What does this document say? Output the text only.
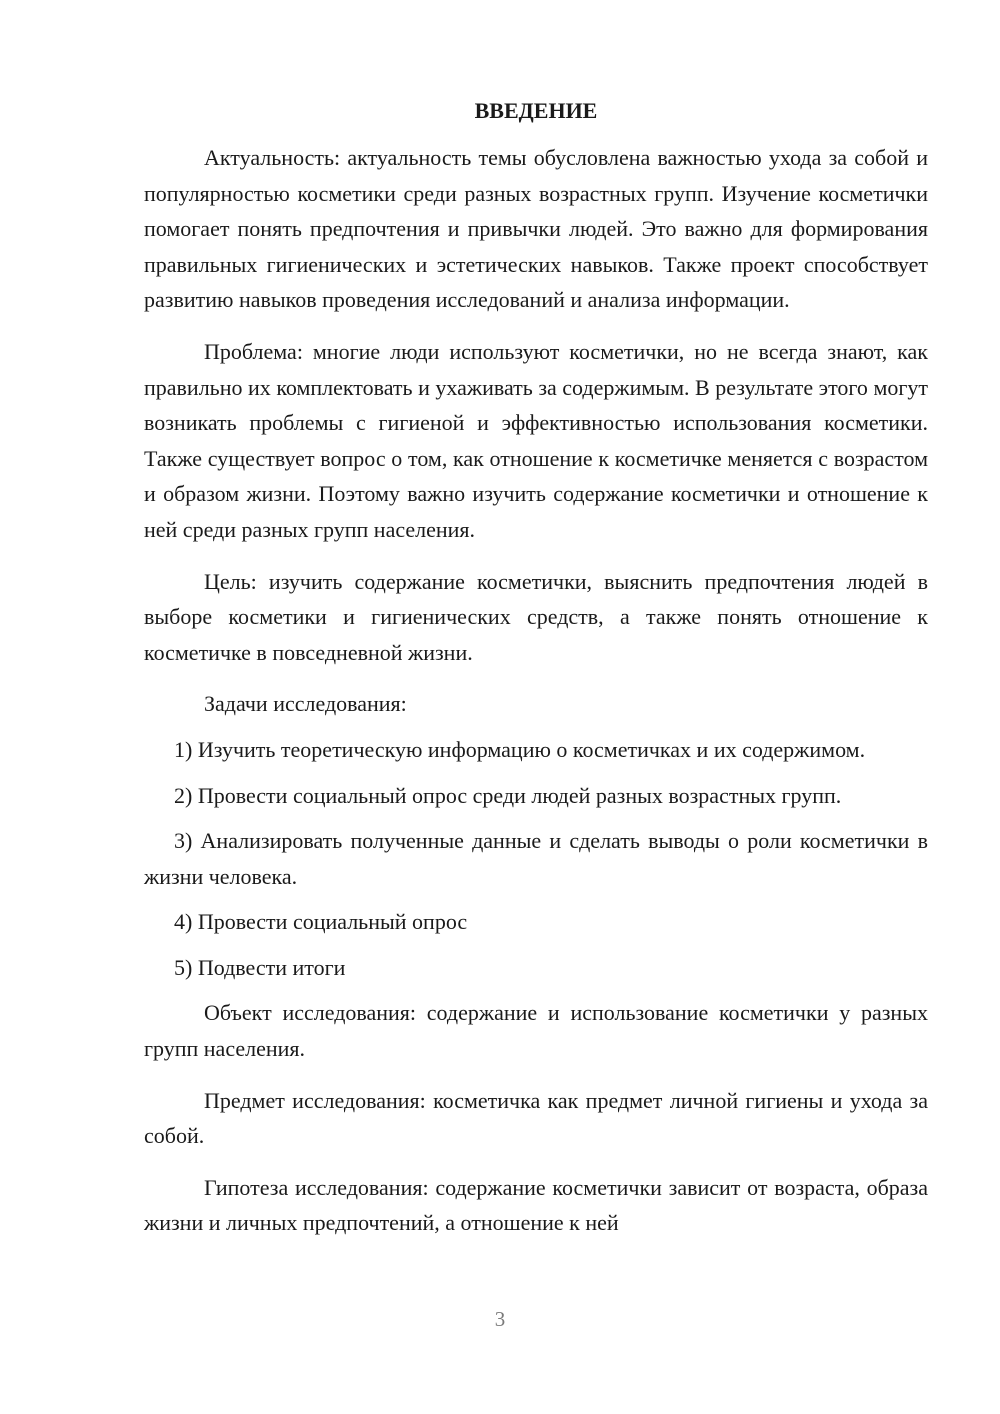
ВВЕДЕНИЕ

Актуальность: актуальность темы обусловлена важностью ухода за собой и популярностью косметики среди разных возрастных групп. Изучение косметички помогает понять предпочтения и привычки людей. Это важно для формирования правильных гигиенических и эстетических навыков. Также проект способствует развитию навыков проведения исследований и анализа информации.

Проблема: многие люди используют косметички, но не всегда знают, как правильно их комплектовать и ухаживать за содержимым. В результате этого могут возникать проблемы с гигиеной и эффективностью использования косметики. Также существует вопрос о том, как отношение к косметичке меняется с возрастом и образом жизни. Поэтому важно изучить содержание косметички и отношение к ней среди разных групп населения.

Цель: изучить содержание косметички, выяснить предпочтения людей в выборе косметики и гигиенических средств, а также понять отношение к косметичке в повседневной жизни.

Задачи исследования:

1) Изучить теоретическую информацию о косметичках и их содержимом.

2) Провести социальный опрос среди людей разных возрастных групп.

3) Анализировать полученные данные и сделать выводы о роли косметички в жизни человека.

4) Провести социальный опрос

5) Подвести итоги

Объект исследования: содержание и использование косметички у разных групп населения.

Предмет исследования: косметичка как предмет личной гигиены и ухода за собой.

Гипотеза исследования: содержание косметички зависит от возраста, образа жизни и личных предпочтений, а отношение к ней

3
